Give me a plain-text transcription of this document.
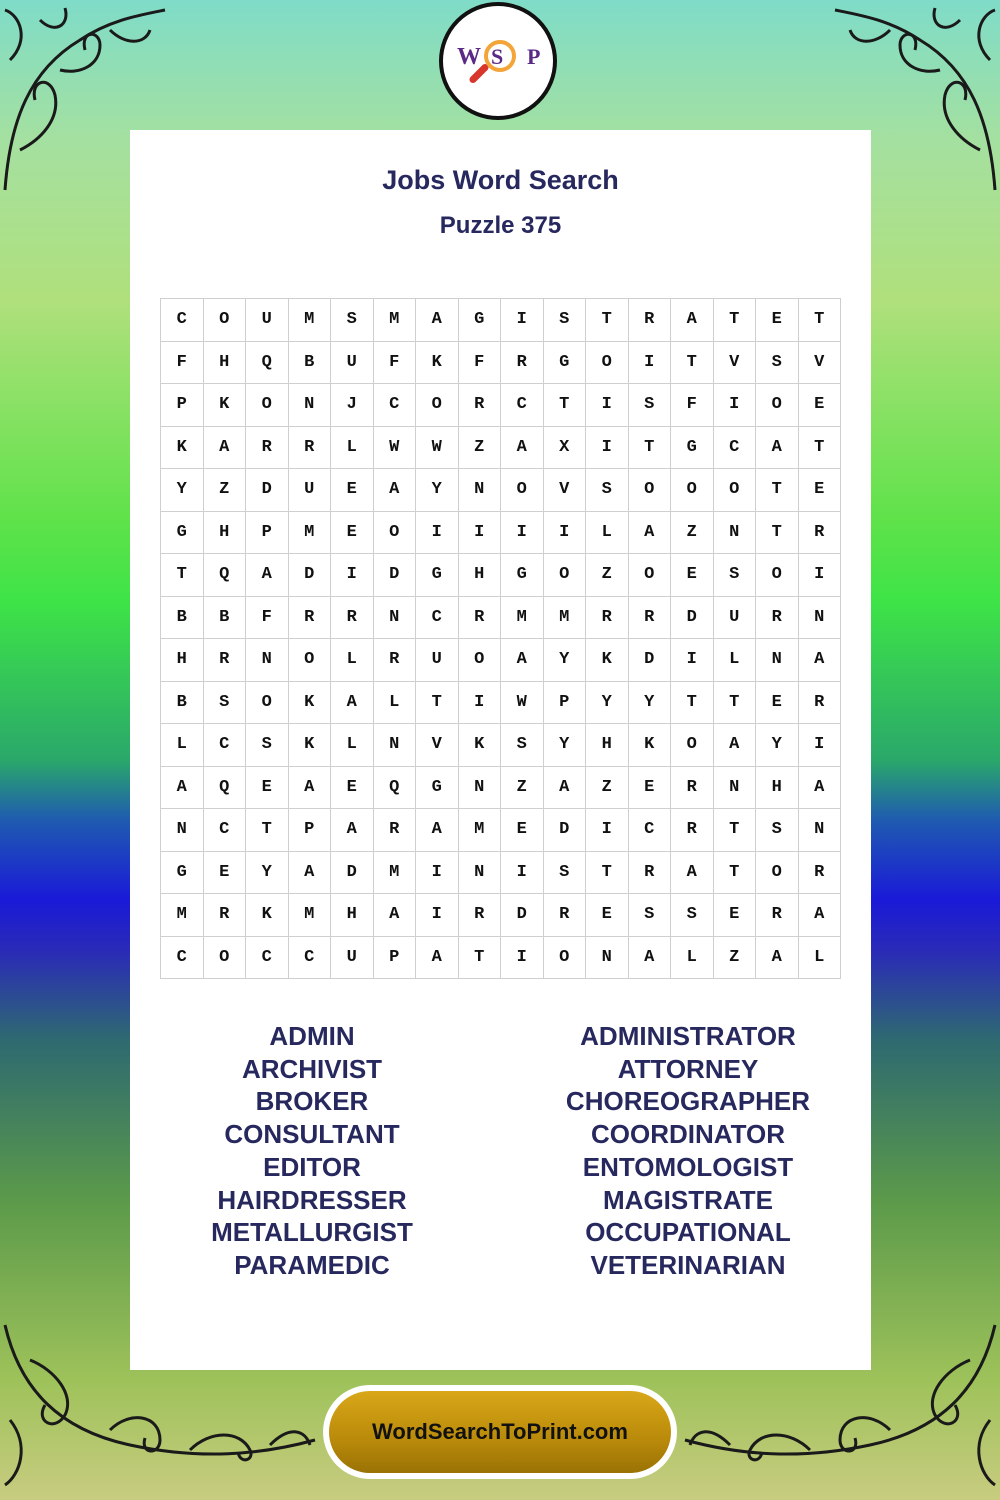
W S P
Jobs Word Search
Puzzle 375
C	O	U	M	S	M	A	G	I	S	T	R	A	T	E	T
F	H	Q	B	U	F	K	F	R	G	O	I	T	V	S	V
P	K	O	N	J	C	O	R	C	T	I	S	F	I	O	E
K	A	R	R	L	W	W	Z	A	X	I	T	G	C	A	T
Y	Z	D	U	E	A	Y	N	O	V	S	O	O	O	T	E
G	H	P	M	E	O	I	I	I	I	L	A	Z	N	T	R
T	Q	A	D	I	D	G	H	G	O	Z	O	E	S	O	I
B	B	F	R	R	N	C	R	M	M	R	R	D	U	R	N
H	R	N	O	L	R	U	O	A	Y	K	D	I	L	N	A
B	S	O	K	A	L	T	I	W	P	Y	Y	T	T	E	R
L	C	S	K	L	N	V	K	S	Y	H	K	O	A	Y	I
A	Q	E	A	E	Q	G	N	Z	A	Z	E	R	N	H	A
N	C	T	P	A	R	A	M	E	D	I	C	R	T	S	N
G	E	Y	A	D	M	I	N	I	S	T	R	A	T	O	R
M	R	K	M	H	A	I	R	D	R	E	S	S	E	R	A
C	O	C	C	U	P	A	T	I	O	N	A	L	Z	A	L
ADMIN
ARCHIVIST
BROKER
CONSULTANT
EDITOR
HAIRDRESSER
METALLURGIST
PARAMEDIC
ADMINISTRATOR
ATTORNEY
CHOREOGRAPHER
COORDINATOR
ENTOMOLOGIST
MAGISTRATE
OCCUPATIONAL
VETERINARIAN
WordSearchToPrint.com
